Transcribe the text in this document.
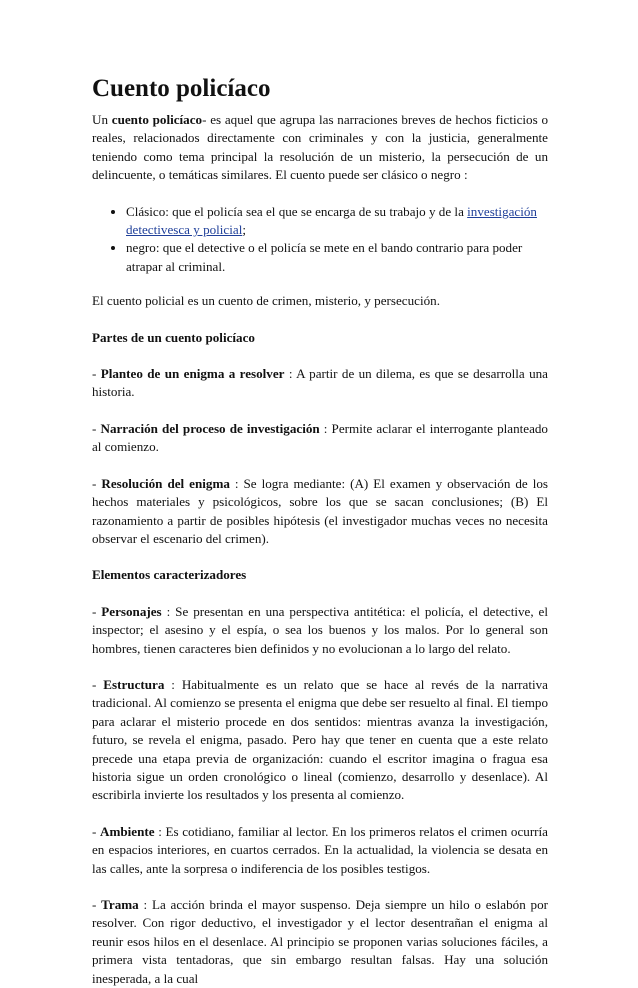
Cuento policíaco

Un cuento policíaco- es aquel que agrupa las narraciones breves de hechos ficticios o reales, relacionados directamente con criminales y con la justicia, generalmente teniendo como tema principal la resolución de un misterio, la persecución de un delincuente, o temáticas similares. El cuento puede ser clásico o negro :

• Clásico: que el policía sea el que se encarga de su trabajo y de la investigación detectivesca y policial;
• negro: que el detective o el policía se mete en el bando contrario para poder atrapar al criminal.

El cuento policial es un cuento de crimen, misterio, y persecución.

Partes de un cuento policíaco

- Planteo de un enigma a resolver : A partir de un dilema, es que se desarrolla una historia.

- Narración del proceso de investigación : Permite aclarar el interrogante planteado al comienzo.

- Resolución del enigma : Se logra mediante: (A) El examen y observación de los hechos materiales y psicológicos, sobre los que se sacan conclusiones; (B) El razonamiento a partir de posibles hipótesis (el investigador muchas veces no necesita observar el escenario del crimen).

Elementos caracterizadores

- Personajes : Se presentan en una perspectiva antitética: el policía, el detective, el inspector; el asesino y el espía, o sea los buenos y los malos. Por lo general son hombres, tienen caracteres bien definidos y no evolucionan a lo largo del relato.

- Estructura : Habitualmente es un relato que se hace al revés de la narrativa tradicional. Al comienzo se presenta el enigma que debe ser resuelto al final. El tiempo para aclarar el misterio procede en dos sentidos: mientras avanza la investigación, futuro, se revela el enigma, pasado. Pero hay que tener en cuenta que a este relato precede una etapa previa de organización: cuando el escritor imagina o fragua esa historia sigue un orden cronológico o lineal (comienzo, desarrollo y desenlace). Al escribirla invierte los resultados y los presenta al comienzo.

- Ambiente : Es cotidiano, familiar al lector. En los primeros relatos el crimen ocurría en espacios interiores, en cuartos cerrados. En la actualidad, la violencia se desata en las calles, ante la sorpresa o indiferencia de los posibles testigos.

- Trama : La acción brinda el mayor suspenso. Deja siempre un hilo o eslabón por resolver. Con rigor deductivo, el investigador y el lector desentrañan el enigma al reunir esos hilos en el desenlace. Al principio se proponen varias soluciones fáciles, a primera vista tentadoras, que sin embargo resultan falsas. Hay una solución inesperada, a la cual
